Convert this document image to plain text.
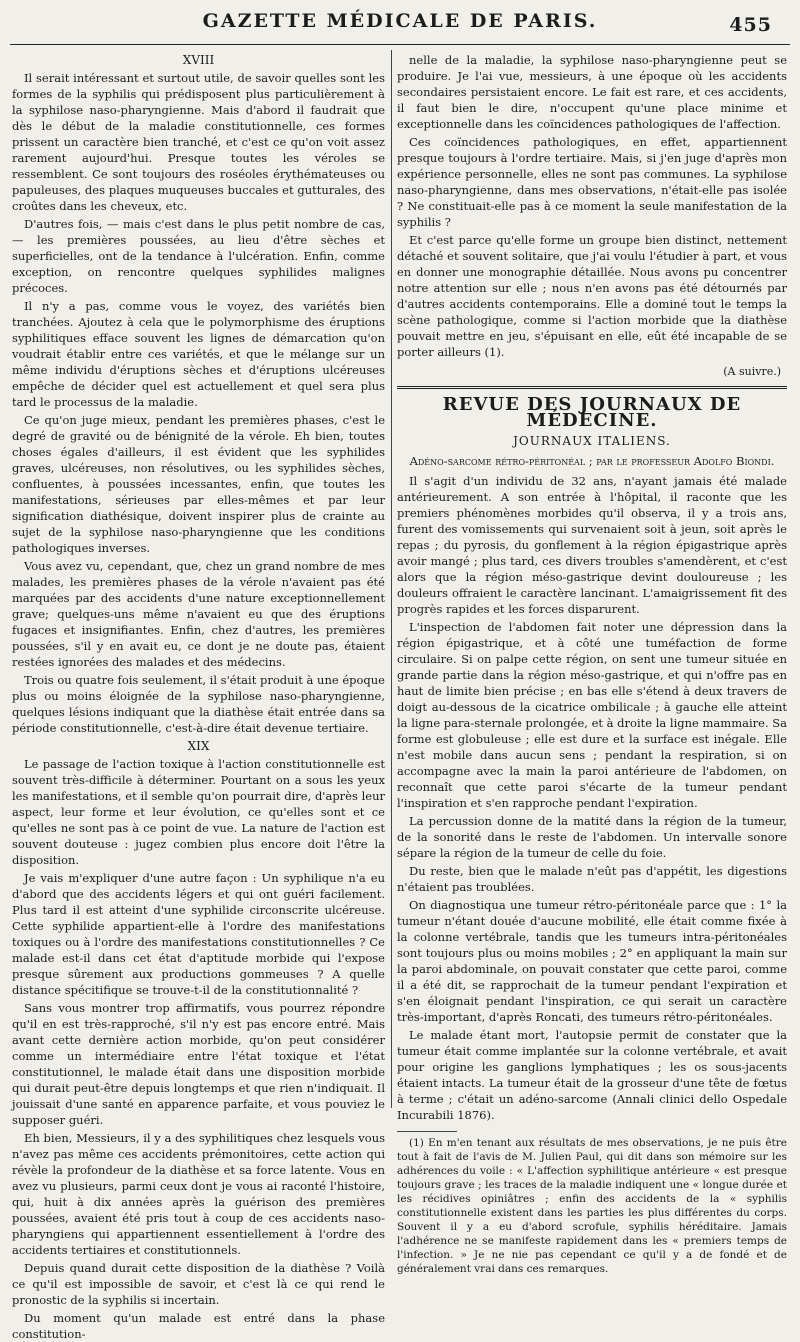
GAZETTE MÉDICALE DE PARIS.	455
XVIII

Il serait intéressant et surtout utile, de savoir quelles sont les formes de la syphilis qui prédisposent plus particulièrement à la syphilose naso-pharyngienne. Mais d'abord il faudrait que dès le début de la maladie constitutionnelle, ces formes prissent un caractère bien tranché, et c'est ce qu'on voit assez rarement aujourd'hui. Presque toutes les véroles se ressemblent. Ce sont toujours des roséoles érythémateuses ou papuleuses, des plaques muqueuses buccales et gutturales, des croûtes dans les cheveux, etc.

D'autres fois, — mais c'est dans le plus petit nombre de cas, — les premières poussées, au lieu d'être sèches et superficielles, ont de la tendance à l'ulcération. Enfin, comme exception, on rencontre quelques syphilides malignes précoces.

Il n'y a pas, comme vous le voyez, des variétés bien tranchées. Ajoutez à cela que le polymorphisme des éruptions syphilitiques efface souvent les lignes de démarcation qu'on voudrait établir entre ces variétés, et que le mélange sur un même individu d'éruptions sèches et d'éruptions ulcéreuses empêche de décider quel est actuellement et quel sera plus tard le processus de la maladie.

Ce qu'on juge mieux, pendant les premières phases, c'est le degré de gravité ou de bénignité de la vérole. Eh bien, toutes choses égales d'ailleurs, il est évident que les syphilides graves, ulcéreuses, non résolutives, ou les syphilides sèches, confluentes, à poussées incessantes, enfin, que toutes les manifestations, sérieuses par elles-mêmes et par leur signification diathésique, doivent inspirer plus de crainte au sujet de la syphilose naso-pharyngienne que les conditions pathologiques inverses.

Vous avez vu, cependant, que, chez un grand nombre de mes malades, les premières phases de la vérole n'avaient pas été marquées par des accidents d'une nature exceptionnellement grave; quelques-uns même n'avaient eu que des éruptions fugaces et insignifiantes. Enfin, chez d'autres, les premières poussées, s'il y en avait eu, ce dont je ne doute pas, étaient restées ignorées des malades et des médecins.

Trois ou quatre fois seulement, il s'était produit à une époque plus ou moins éloignée de la syphilose naso-pharyngienne, quelques lésions indiquant que la diathèse était entrée dans sa période constitutionnelle, c'est-à-dire était devenue tertiaire.

XIX

Le passage de l'action toxique à l'action constitutionnelle est souvent très-difficile à déterminer. Pourtant on a sous les yeux les manifestations, et il semble qu'on pourrait dire, d'après leur aspect, leur forme et leur évolution, ce qu'elles sont et ce qu'elles ne sont pas à ce point de vue. La nature de l'action est souvent douteuse : jugez combien plus encore doit l'être la disposition.

Je vais m'expliquer d'une autre façon : Un syphilique n'a eu d'abord que des accidents légers et qui ont guéri facilement. Plus tard il est atteint d'une syphilide circonscrite ulcéreuse. Cette syphilide appartient-elle à l'ordre des manifestations toxiques ou à l'ordre des manifestations constitutionnelles ? Ce malade est-il dans cet état d'aptitude morbide qui l'expose presque sûrement aux productions gommeuses ? A quelle distance spécitifique se trouve-t-il de la constitutionnalité ?

Sans vous montrer trop affirmatifs, vous pourrez répondre qu'il en est très-rapproché, s'il n'y est pas encore entré. Mais avant cette dernière action morbide, qu'on peut considérer comme un intermédiaire entre l'état toxique et l'état constitutionnel, le malade était dans une disposition morbide qui durait peut-être depuis longtemps et que rien n'indiquait. Il jouissait d'une santé en apparence parfaite, et vous pouviez le supposer guéri.

Eh bien, Messieurs, il y a des syphilitiques chez lesquels vous n'avez pas même ces accidents prémonitoires, cette action qui révèle la profondeur de la diathèse et sa force latente. Vous en avez vu plusieurs, parmi ceux dont je vous ai raconté l'histoire, qui, huit à dix années après la guérison des premières poussées, avaient été pris tout à coup de ces accidents naso-pharyngiens qui appartiennent essentiellement à l'ordre des accidents tertiaires et constitutionnels.

Depuis quand durait cette disposition de la diathèse ? Voilà ce qu'il est impossible de savoir, et c'est là ce qui rend le pronostic de la syphilis si incertain.

Du moment qu'un malade est entré dans la phase constitution-

nelle de la maladie, la syphilose naso-pharyngienne peut se produire. Je l'ai vue, messieurs, à une époque où les accidents secondaires persistaient encore. Le fait est rare, et ces accidents, il faut bien le dire, n'occupent qu'une place minime et exceptionnelle dans les coïncidences pathologiques de l'affection.

Ces coïncidences pathologiques, en effet, appartiennent presque toujours à l'ordre tertiaire. Mais, si j'en juge d'après mon expérience personnelle, elles ne sont pas communes. La syphilose naso-pharyngienne, dans mes observations, n'était-elle pas isolée ? Ne constituait-elle pas à ce moment la seule manifestation de la syphilis ?

Et c'est parce qu'elle forme un groupe bien distinct, nettement détaché et souvent solitaire, que j'ai voulu l'étudier à part, et vous en donner une monographie détaillée. Nous avons pu concentrer notre attention sur elle ; nous n'en avons pas été détournés par d'autres accidents contemporains. Elle a dominé tout le temps la scène pathologique, comme si l'action morbide que la diathèse pouvait mettre en jeu, s'épuisant en elle, eût été incapable de se porter ailleurs (1).

(A suivre.)
REVUE DES JOURNAUX DE MÉDECINE.
JOURNAUX ITALIENS.
Adéno-sarcome rétro-péritonéal ; par le professeur Adolfo Biondi.

Il s'agit d'un individu de 32 ans, n'ayant jamais été malade antérieurement. A son entrée à l'hôpital, il raconte que les premiers phénomènes morbides qu'il observa, il y a trois ans, furent des vomissements qui survenaient soit à jeun, soit après le repas ; du pyrosis, du gonflement à la région épigastrique après avoir mangé ; plus tard, ces divers troubles s'amendèrent, et c'est alors que la région méso-gastrique devint douloureuse ; les douleurs offraient le caractère lancinant. L'amaigrissement fit des progrès rapides et les forces disparurent.

L'inspection de l'abdomen fait noter une dépression dans la région épigastrique, et à côté une tuméfaction de forme circulaire. Si on palpe cette région, on sent une tumeur située en grande partie dans la région méso-gastrique, et qui n'offre pas en haut de limite bien précise ; en bas elle s'étend à deux travers de doigt au-dessous de la cicatrice ombilicale ; à gauche elle atteint la ligne para-sternale prolongée, et à droite la ligne mammaire. Sa forme est globuleuse ; elle est dure et la surface est inégale. Elle n'est mobile dans aucun sens ; pendant la respiration, si on accompagne avec la main la paroi antérieure de l'abdomen, on reconnaît que cette paroi s'écarte de la tumeur pendant l'inspiration et s'en rapproche pendant l'expiration.

La percussion donne de la matité dans la région de la tumeur, de la sonorité dans le reste de l'abdomen. Un intervalle sonore sépare la région de la tumeur de celle du foie.

Du reste, bien que le malade n'eût pas d'appétit, les digestions n'étaient pas troublées.

On diagnostiqua une tumeur rétro-péritonéale parce que : 1° la tumeur n'étant douée d'aucune mobilité, elle était comme fixée à la colonne vertébrale, tandis que les tumeurs intra-péritonéales sont toujours plus ou moins mobiles ; 2° en appliquant la main sur la paroi abdominale, on pouvait constater que cette paroi, comme il a été dit, se rapprochait de la tumeur pendant l'expiration et s'en éloignait pendant l'inspiration, ce qui serait un caractère très-important, d'après Roncati, des tumeurs rétro-péritonéales.

Le malade étant mort, l'autopsie permit de constater que la tumeur était comme implantée sur la colonne vertébrale, et avait pour origine les ganglions lymphatiques ; les os sous-jacents étaient intacts. La tumeur était de la grosseur d'une tête de fœtus à terme ; c'était un adéno-sarcome (Annali clinici dello Ospedale Incurabili 1876).

(1) En m'en tenant aux résultats de mes observations, je ne puis être tout à fait de l'avis de M. Julien Paul, qui dit dans son mémoire sur les adhérences du voile : « L'affection syphilitique antérieure « est presque toujours grave ; les traces de la maladie indiquent une « longue durée et les récidives opiniâtres ; enfin des accidents de la « syphilis constitutionnelle existent dans les parties les plus différentes du corps. Souvent il y a eu d'abord scrofule, syphilis héréditaire. Jamais l'adhérence ne se manifeste rapidement dans les « premiers temps de l'infection. » Je ne nie pas cependant ce qu'il y a de fondé et de généralement vrai dans ces remarques.
